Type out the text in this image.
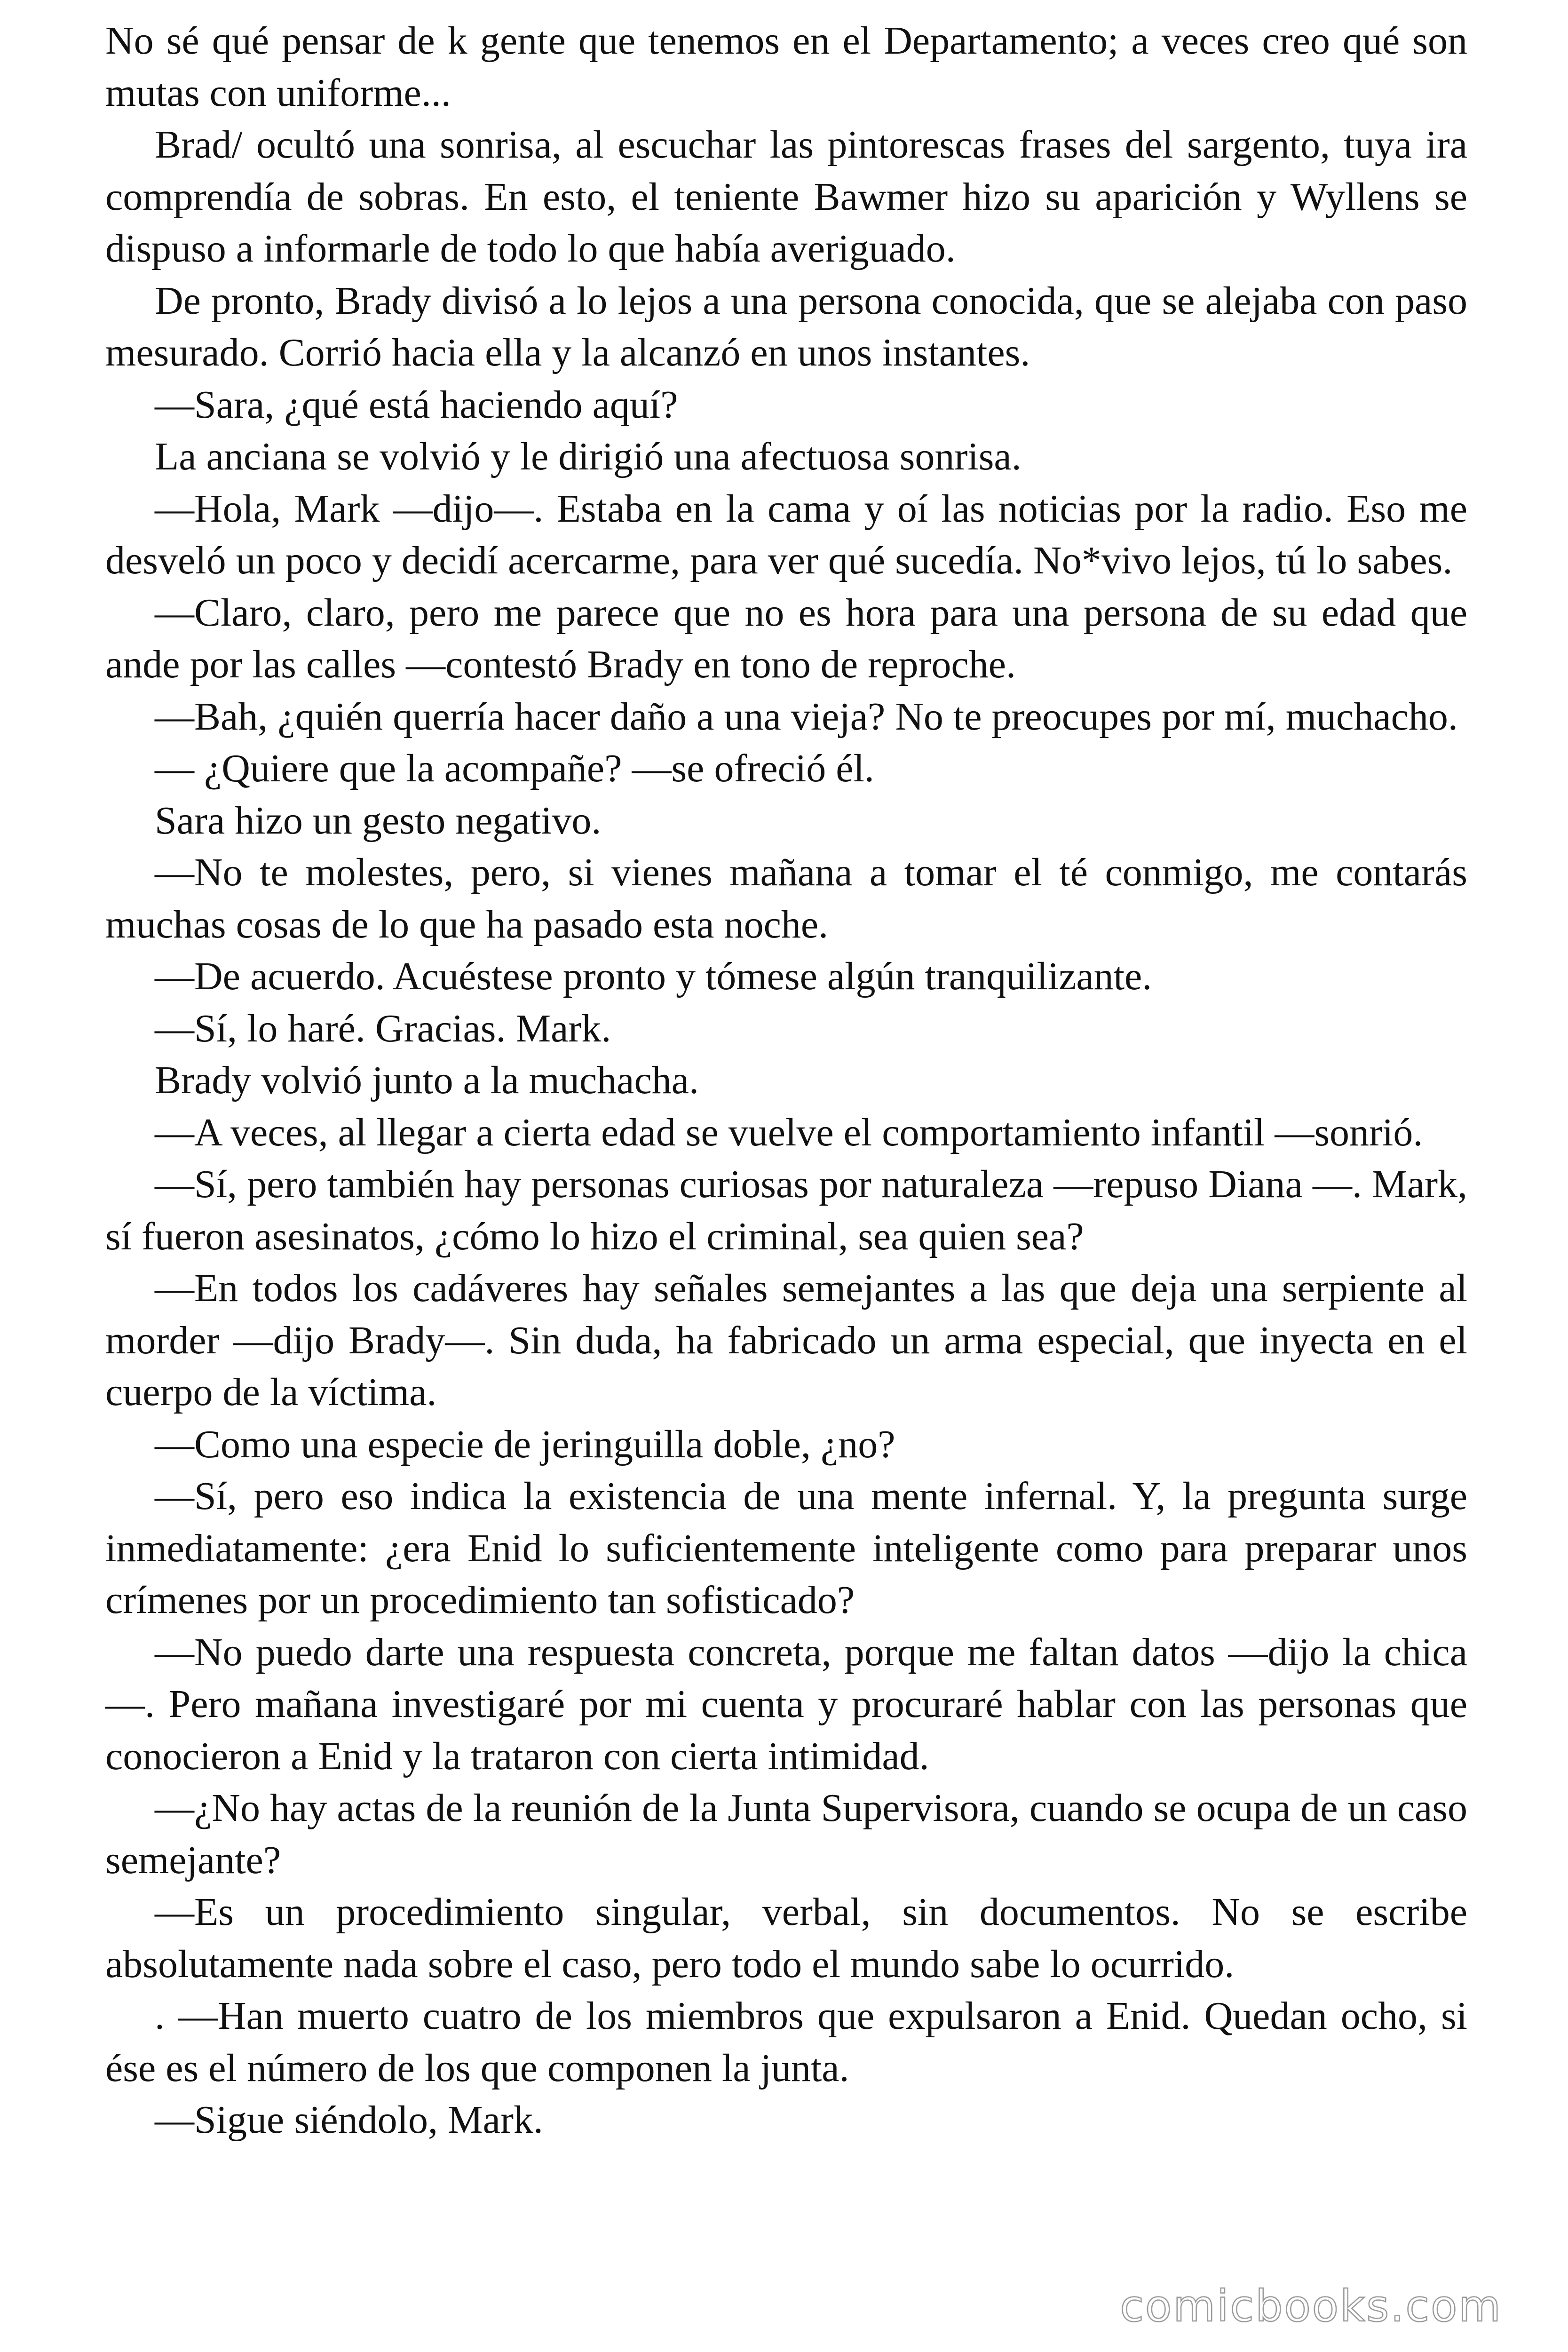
No sé qué pensar de k gente que tenemos en el Departamento; a veces creo qué son mutas con uniforme...

Brad/ ocultó una sonrisa, al escuchar las pintorescas frases del sargento, tuya ira comprendía de sobras. En esto, el teniente Bawmer hizo su aparición y Wyllens se dispuso a informarle de todo lo que había averiguado.

De pronto, Brady divisó a lo lejos a una persona conocida, que se alejaba con paso mesurado. Corrió hacia ella y la alcanzó en unos instantes.

—Sara, ¿qué está haciendo aquí?

La anciana se volvió y le dirigió una afectuosa sonrisa.

—Hola, Mark —dijo—. Estaba en la cama y oí las noticias por la radio. Eso me desveló un poco y decidí acercarme, para ver qué sucedía. No*vivo lejos, tú lo sabes.

—Claro, claro, pero me parece que no es hora para una persona de su edad que ande por las calles —contestó Brady en tono de reproche.

—Bah, ¿quién querría hacer daño a una vieja? No te preocupes por mí, muchacho.

— ¿Quiere que la acompañe? —se ofreció él.

Sara hizo un gesto negativo.

—No te molestes, pero, si vienes mañana a tomar el té conmigo, me contarás muchas cosas de lo que ha pasado esta noche.

—De acuerdo. Acuéstese pronto y tómese algún tranquilizante.

—Sí, lo haré. Gracias. Mark.

Brady volvió junto a la muchacha.

—A veces, al llegar a cierta edad se vuelve el comportamiento infantil —sonrió.

—Sí, pero también hay personas curiosas por naturaleza —repuso Diana —. Mark, sí fueron asesinatos, ¿cómo lo hizo el criminal, sea quien sea?

—En todos los cadáveres hay señales semejantes a las que deja una serpiente al morder —dijo Brady—. Sin duda, ha fabricado un arma especial, que inyecta en el cuerpo de la víctima.

—Como una especie de jeringuilla doble, ¿no?

—Sí, pero eso indica la existencia de una mente infernal. Y, la pregunta surge inmediatamente: ¿era Enid lo suficientemente inteligente como para preparar unos crímenes por un procedimiento tan sofisticado?

—No puedo darte una respuesta concreta, porque me faltan datos —dijo la chica—. Pero mañana investigaré por mi cuenta y procuraré hablar con las personas que conocieron a Enid y la trataron con cierta intimidad.

—¿No hay actas de la reunión de la Junta Supervisora, cuando se ocupa de un caso semejante?

—Es un procedimiento singular, verbal, sin documentos. No se escribe absolutamente nada sobre el caso, pero todo el mundo sabe lo ocurrido.

. —Han muerto cuatro de los miembros que expulsaron a Enid. Quedan ocho, si ése es el número de los que componen la junta.

—Sigue siéndolo, Mark.

comicbooks.com
